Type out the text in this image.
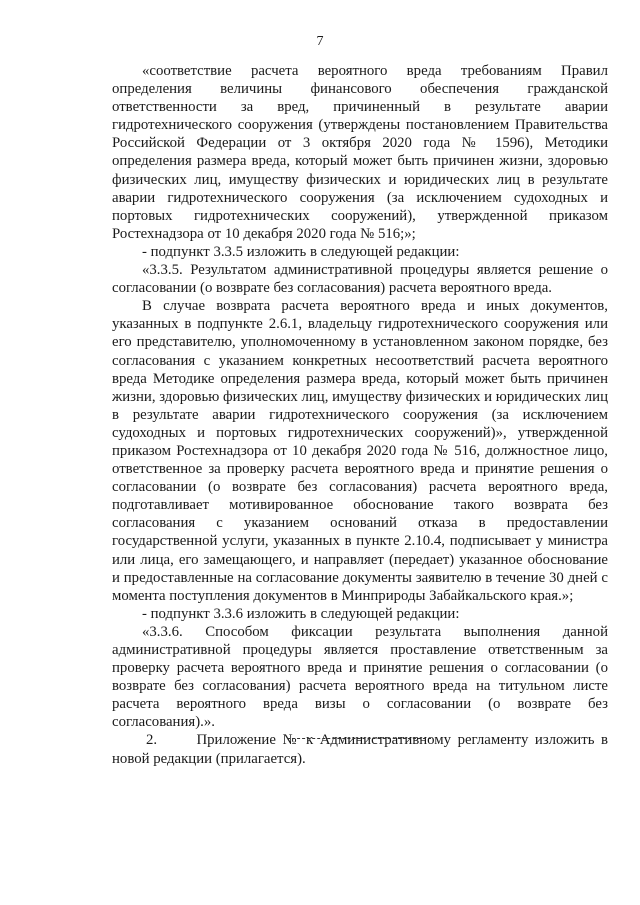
7

«соответствие расчета вероятного вреда требованиям Правил определения величины финансового обеспечения гражданской ответственности за вред, причиненный в результате аварии гидротехнического сооружения (утверждены постановлением Правительства Российской Федерации от 3 октября 2020 года № 1596), Методики определения размера вреда, который может быть причинен жизни, здоровью физических лиц, имуществу физических и юридических лиц в результате аварии гидротехнического сооружения (за исключением судоходных и портовых гидротехнических сооружений), утвержденной приказом Ростехнадзора от 10 декабря 2020 года № 516;»;

- подпункт 3.3.5 изложить в следующей редакции:

«3.3.5. Результатом административной процедуры является решение о согласовании (о возврате без согласования) расчета вероятного вреда.

В случае возврата расчета вероятного вреда и иных документов, указанных в подпункте 2.6.1, владельцу гидротехнического сооружения или его представителю, уполномоченному в установленном законом порядке, без согласования с указанием конкретных несоответствий расчета вероятного вреда Методике определения размера вреда, который может быть причинен жизни, здоровью физических лиц, имуществу физических и юридических лиц в результате аварии гидротехнического сооружения (за исключением судоходных и портовых гидротехнических сооружений)», утвержденной приказом Ростехнадзора от 10 декабря 2020 года № 516, должностное лицо, ответственное за проверку расчета вероятного вреда и принятие решения о согласовании (о возврате без согласования) расчета вероятного вреда, подготавливает мотивированное обоснование такого возврата без согласования с указанием оснований отказа в предоставлении государственной услуги, указанных в пункте 2.10.4, подписывает у министра или лица, его замещающего, и направляет (передает) указанное обоснование и предоставленные на согласование документы заявителю в течение 30 дней с момента поступления документов в Минприроды Забайкальского края.»;

- подпункт 3.3.6 изложить в следующей редакции:

«3.3.6. Способом фиксации результата выполнения данной административной процедуры является проставление ответственным за проверку расчета вероятного вреда и принятие решения о согласовании (о возврате без согласования) расчета вероятного вреда на титульном листе расчета вероятного вреда визы о согласовании (о возврате без согласования).».

2.      Приложение № к Административному регламенту изложить в новой редакции (прилагается).
